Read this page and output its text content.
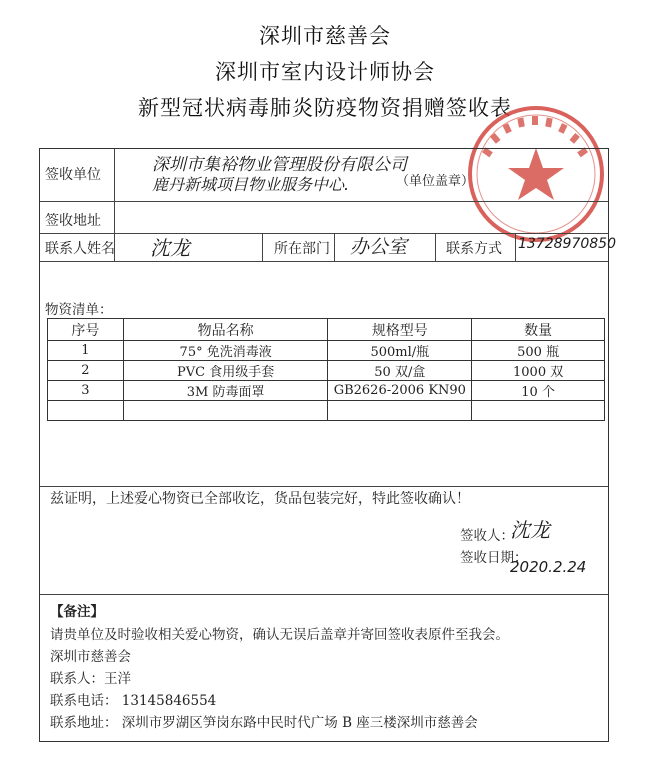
深圳市慈善会
深圳市室内设计师协会
新型冠状病毒肺炎防疫物资捐赠签收表
签收单位	深圳市集裕物业管理股份有限公司
鹿丹新城项目物业服务中心.	（单位盖章）
签收地址
联系人姓名 沈龙	所在部门 办公室	联系方式 13728970850
物资清单：
序号	物品名称	规格型号	数量
1	75° 免洗消毒液	500ml/瓶	500 瓶
2	PVC 食用级手套	50 双/盒	1000 双
3	3M 防毒面罩	GB2626-2006 KN90	10 个

兹证明，上述爱心物资已全部收讫，货品包装完好，特此签收确认！
签收人：
沈龙
签收日期：
2020.2.24
【备注】
请贵单位及时验收相关爱心物资，确认无误后盖章并寄回签收表原件至我会。
深圳市慈善会
联系人：王洋
联系电话： 13145846554
联系地址： 深圳市罗湖区笋岗东路中民时代广场 B 座三楼深圳市慈善会
